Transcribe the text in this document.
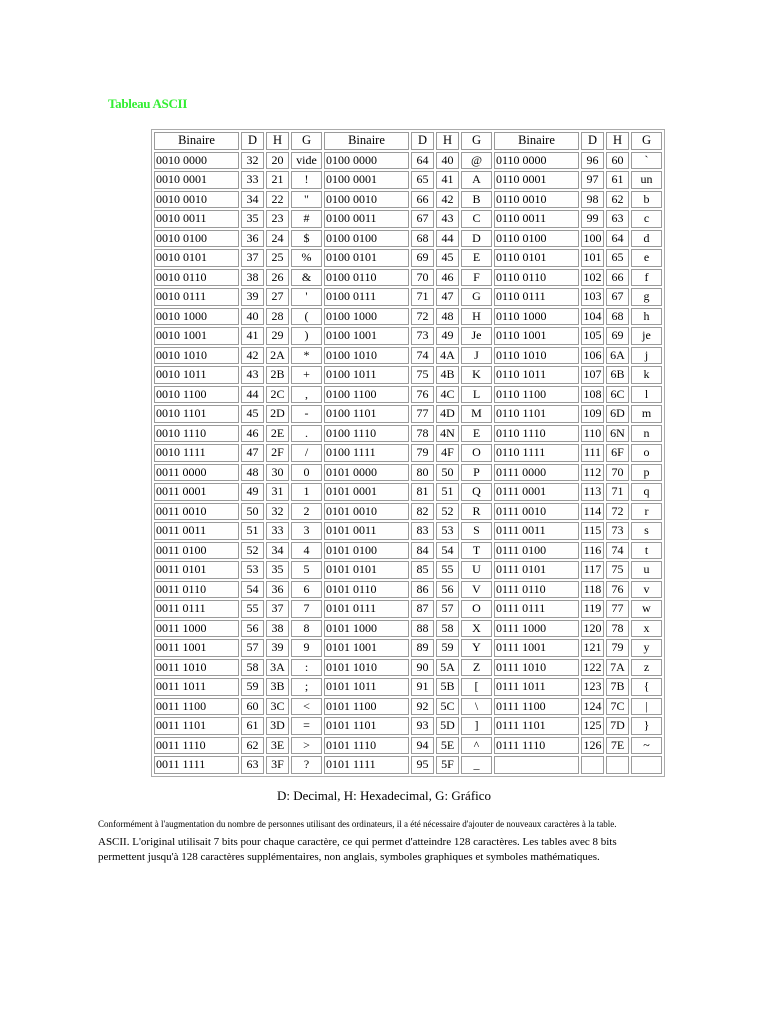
Tableau ASCII
Binaire	D	H	G	Binaire	D	H	G	Binaire	D	H	G
0010 0000	32	20	vide	0100 0000	64	40	@	0110 0000	96	60	`
0010 0001	33	21	!	0100 0001	65	41	A	0110 0001	97	61	un
0010 0010	34	22	"	0100 0010	66	42	B	0110 0010	98	62	b
0010 0011	35	23	#	0100 0011	67	43	C	0110 0011	99	63	c
0010 0100	36	24	$	0100 0100	68	44	D	0110 0100	100	64	d
0010 0101	37	25	%	0100 0101	69	45	E	0110 0101	101	65	e
0010 0110	38	26	&	0100 0110	70	46	F	0110 0110	102	66	f
0010 0111	39	27	'	0100 0111	71	47	G	0110 0111	103	67	g
0010 1000	40	28	(	0100 1000	72	48	H	0110 1000	104	68	h
0010 1001	41	29	)	0100 1001	73	49	Je	0110 1001	105	69	je
0010 1010	42	2A	*	0100 1010	74	4A	J	0110 1010	106	6A	j
0010 1011	43	2B	+	0100 1011	75	4B	K	0110 1011	107	6B	k
0010 1100	44	2C	,	0100 1100	76	4C	L	0110 1100	108	6C	l
0010 1101	45	2D	-	0100 1101	77	4D	M	0110 1101	109	6D	m
0010 1110	46	2E	.	0100 1110	78	4N	E	0110 1110	110	6N	n
0010 1111	47	2F	/	0100 1111	79	4F	O	0110 1111	111	6F	o
0011 0000	48	30	0	0101 0000	80	50	P	0111 0000	112	70	p
0011 0001	49	31	1	0101 0001	81	51	Q	0111 0001	113	71	q
0011 0010	50	32	2	0101 0010	82	52	R	0111 0010	114	72	r
0011 0011	51	33	3	0101 0011	83	53	S	0111 0011	115	73	s
0011 0100	52	34	4	0101 0100	84	54	T	0111 0100	116	74	t
0011 0101	53	35	5	0101 0101	85	55	U	0111 0101	117	75	u
0011 0110	54	36	6	0101 0110	86	56	V	0111 0110	118	76	v
0011 0111	55	37	7	0101 0111	87	57	O	0111 0111	119	77	w
0011 1000	56	38	8	0101 1000	88	58	X	0111 1000	120	78	x
0011 1001	57	39	9	0101 1001	89	59	Y	0111 1001	121	79	y
0011 1010	58	3A	:	0101 1010	90	5A	Z	0111 1010	122	7A	z
0011 1011	59	3B	;	0101 1011	91	5B	[	0111 1011	123	7B	{
0011 1100	60	3C	<	0101 1100	92	5C	\	0111 1100	124	7C	|
0011 1101	61	3D	=	0101 1101	93	5D	]	0111 1101	125	7D	}
0011 1110	62	3E	>	0101 1110	94	5E	^	0111 1110	126	7E	~
0011 1111	63	3F	?	0101 1111	95	5F	_				
D: Decimal, H: Hexadecimal, G: Gráfico
Conformément à l'augmentation du nombre de personnes utilisant des ordinateurs, il a été nécessaire d'ajouter de nouveaux caractères à la table.
ASCII. L'original utilisait 7 bits pour chaque caractère, ce qui permet d'atteindre 128 caractères. Les tables avec 8 bits permettent jusqu'à 128 caractères supplémentaires, non anglais, symboles graphiques et symboles mathématiques.
